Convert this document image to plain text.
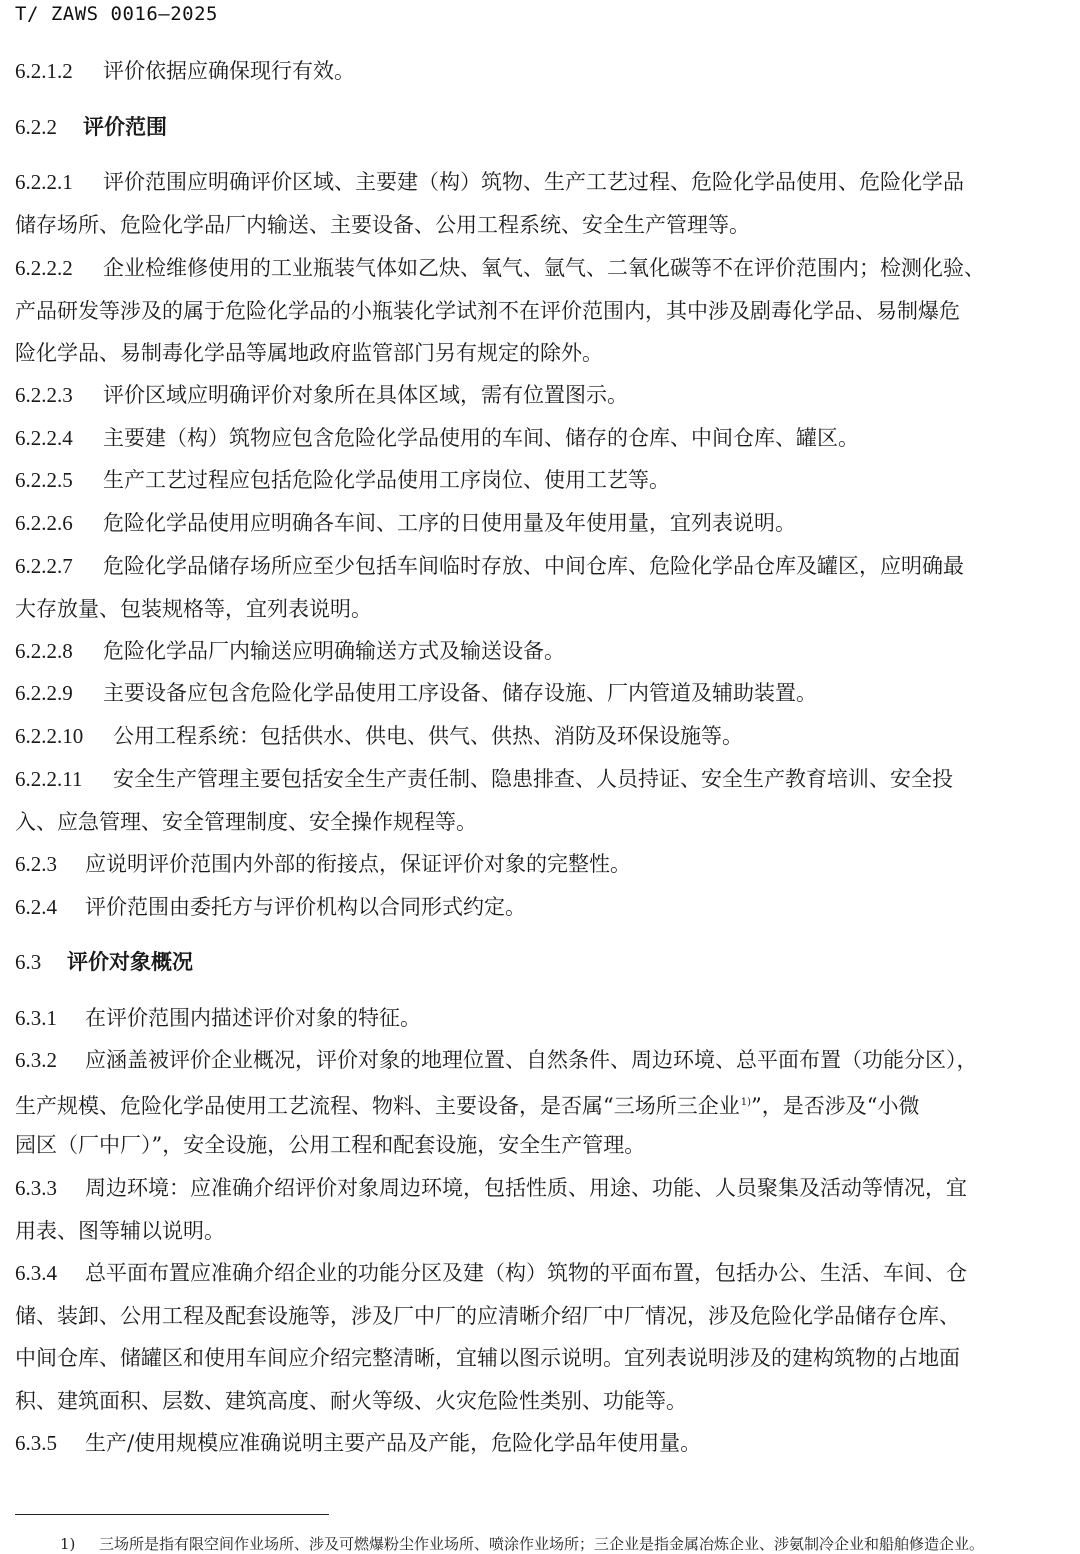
T/ ZAWS 0016—2025
6.2.1.2 评价依据应确保现行有效。
6.2.2 评价范围
6.2.2.1 评价范围应明确评价区域、主要建（构）筑物、生产工艺过程、危险化学品使用、危险化学品
储存场所、危险化学品厂内输送、主要设备、公用工程系统、安全生产管理等。
6.2.2.2 企业检维修使用的工业瓶装气体如乙炔、氧气、氩气、二氧化碳等不在评价范围内；检测化验、
产品研发等涉及的属于危险化学品的小瓶装化学试剂不在评价范围内，其中涉及剧毒化学品、易制爆危
险化学品、易制毒化学品等属地政府监管部门另有规定的除外。
6.2.2.3 评价区域应明确评价对象所在具体区域，需有位置图示。
6.2.2.4 主要建（构）筑物应包含危险化学品使用的车间、储存的仓库、中间仓库、罐区。
6.2.2.5 生产工艺过程应包括危险化学品使用工序岗位、使用工艺等。
6.2.2.6 危险化学品使用应明确各车间、工序的日使用量及年使用量，宜列表说明。
6.2.2.7 危险化学品储存场所应至少包括车间临时存放、中间仓库、危险化学品仓库及罐区，应明确最
大存放量、包装规格等，宜列表说明。
6.2.2.8 危险化学品厂内输送应明确输送方式及输送设备。
6.2.2.9 主要设备应包含危险化学品使用工序设备、储存设施、厂内管道及辅助装置。
6.2.2.10 公用工程系统：包括供水、供电、供气、供热、消防及环保设施等。
6.2.2.11 安全生产管理主要包括安全生产责任制、隐患排查、人员持证、安全生产教育培训、安全投
入、应急管理、安全管理制度、安全操作规程等。
6.2.3 应说明评价范围内外部的衔接点，保证评价对象的完整性。
6.2.4 评价范围由委托方与评价机构以合同形式约定。
6.3 评价对象概况
6.3.1 在评价范围内描述评价对象的特征。
6.3.2 应涵盖被评价企业概况，评价对象的地理位置、自然条件、周边环境、总平面布置（功能分区），
生产规模、危险化学品使用工艺流程、物料、主要设备，是否属“三场所三企业$^{1)}$”，是否涉及“小微
园区（厂中厂）”，安全设施，公用工程和配套设施，安全生产管理。
6.3.3 周边环境：应准确介绍评价对象周边环境，包括性质、用途、功能、人员聚集及活动等情况，宜
用表、图等辅以说明。
6.3.4 总平面布置应准确介绍企业的功能分区及建（构）筑物的平面布置，包括办公、生活、车间、仓
储、装卸、公用工程及配套设施等，涉及厂中厂的应清晰介绍厂中厂情况，涉及危险化学品储存仓库、
中间仓库、储罐区和使用车间应介绍完整清晰，宜辅以图示说明。宜列表说明涉及的建构筑物的占地面
积、建筑面积、层数、建筑高度、耐火等级、火灾危险性类别、功能等。
6.3.5 生产/使用规模应准确说明主要产品及产能，危险化学品年使用量。
1) 三场所是指有限空间作业场所、涉及可燃爆粉尘作业场所、喷涂作业场所；三企业是指金属冶炼企业、涉氨制冷企业和船舶修造企业。
